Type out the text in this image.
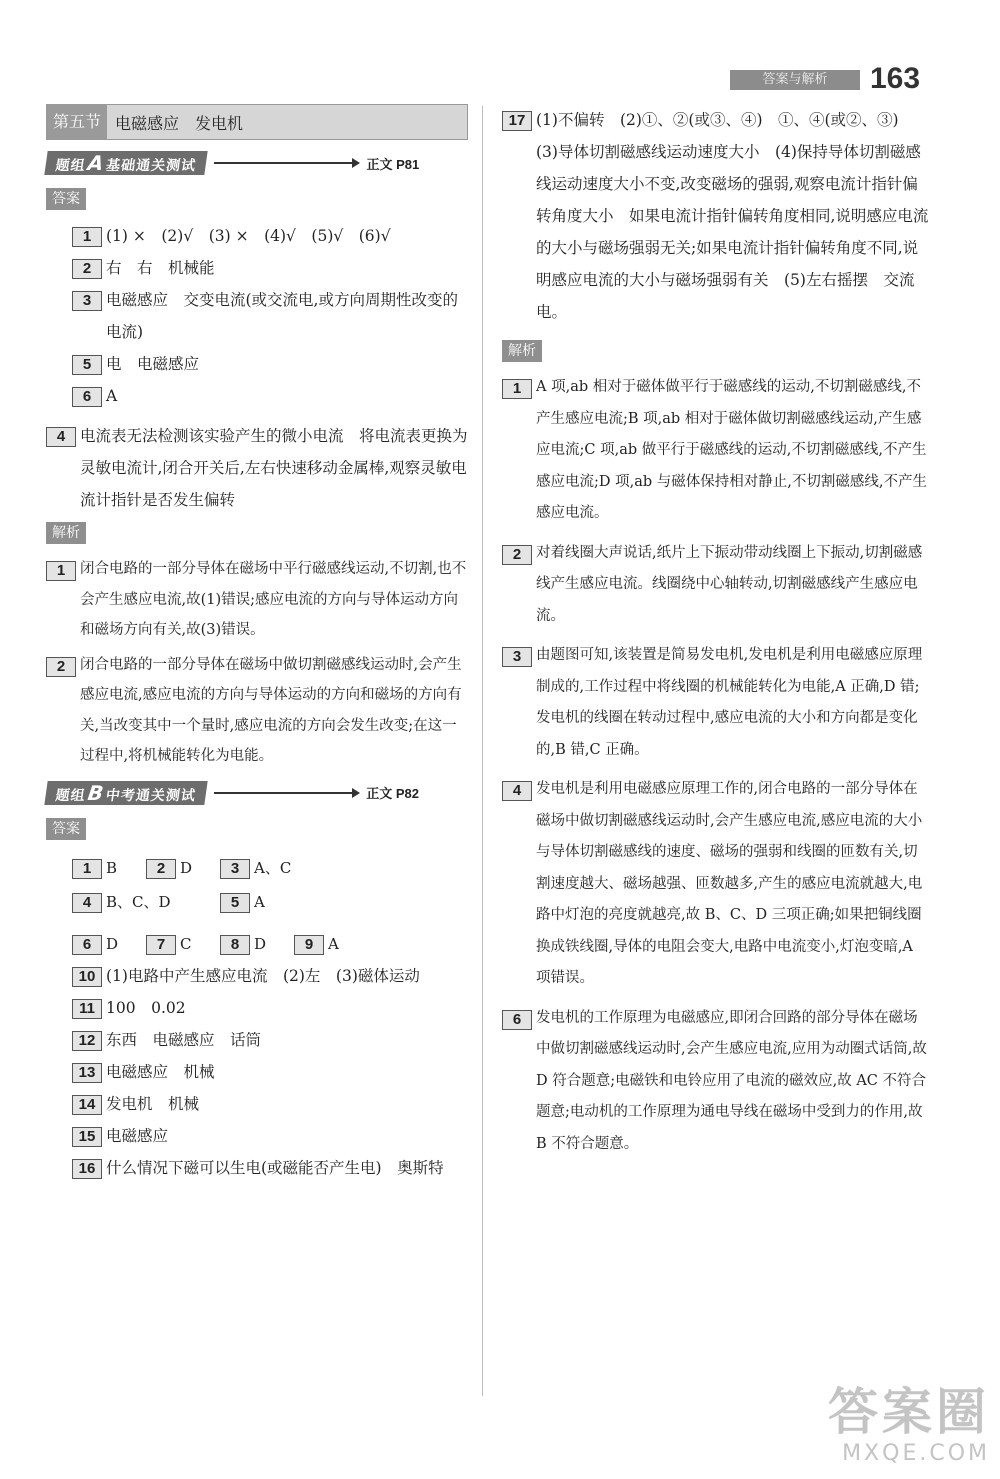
答案与解析	163
第五节 电磁感应　发电机
题组A基础通关测试	正文 P81
答案
1 (1) ×　(2)√　(3) ×　(4)√　(5)√　(6)√
2 右　右　机械能
3 电磁感应　交变电流(或交流电,或方向周期性改变的电流)
5 电　电磁感应
6 A
4 电流表无法检测该实验产生的微小电流　将电流表更换为灵敏电流计,闭合开关后,左右快速移动金属棒,观察灵敏电流计指针是否发生偏转
解析
1	闭合电路的一部分导体在磁场中平行磁感线运动,不切割,也不会产生感应电流,故(1)错误;感应电流的方向与导体运动方向和磁场方向有关,故(3)错误。
2	闭合电路的一部分导体在磁场中做切割磁感线运动时,会产生感应电流,感应电流的方向与导体运动的方向和磁场的方向有关,当改变其中一个量时,感应电流的方向会发生改变;在这一过程中,将机械能转化为电能。
题组B中考通关测试	正文 P82
答案
1 B	2 D	3 A、C
4 B、C、D	5 A
6 D	7 C	8 D	9 A
10 (1)电路中产生感应电流　(2)左　(3)磁体运动
11 100　0.02
12 东西　电磁感应　话筒
13 电磁感应　机械
14 发电机　机械
15 电磁感应
16 什么情况下磁可以生电(或磁能否产生电)　奥斯特
17 (1)不偏转　(2)①、②(或③、④)　①、④(或②、③)　(3)导体切割磁感线运动速度大小　(4)保持导体切割磁感线运动速度大小不变,改变磁场的强弱,观察电流计指针偏转角度大小　如果电流计指针偏转角度相同,说明感应电流的大小与磁场强弱无关;如果电流计指针偏转角度不同,说明感应电流的大小与磁场强弱有关　(5)左右摇摆　交流电。
解析
1	A 项,ab 相对于磁体做平行于磁感线的运动,不切割磁感线,不产生感应电流;B 项,ab 相对于磁体做切割磁感线运动,产生感应电流;C 项,ab 做平行于磁感线的运动,不切割磁感线,不产生感应电流;D 项,ab 与磁体保持相对静止,不切割磁感线,不产生感应电流。
2	对着线圈大声说话,纸片上下振动带动线圈上下振动,切割磁感线产生感应电流。线圈绕中心轴转动,切割磁感线产生感应电流。
3	由题图可知,该装置是简易发电机,发电机是利用电磁感应原理制成的,工作过程中将线圈的机械能转化为电能,A 正确,D 错;发电机的线圈在转动过程中,感应电流的大小和方向都是变化的,B 错,C 正确。
4	发电机是利用电磁感应原理工作的,闭合电路的一部分导体在磁场中做切割磁感线运动时,会产生感应电流,感应电流的大小与导体切割磁感线的速度、磁场的强弱和线圈的匝数有关,切割速度越大、磁场越强、匝数越多,产生的感应电流就越大,电路中灯泡的亮度就越亮,故 B、C、D 三项正确;如果把铜线圈换成铁线圈,导体的电阻会变大,电路中电流变小,灯泡变暗,A 项错误。
6	发电机的工作原理为电磁感应,即闭合回路的部分导体在磁场中做切割磁感线运动时,会产生感应电流,应用为动圈式话筒,故 D 符合题意;电磁铁和电铃应用了电流的磁效应,故 AC 不符合题意;电动机的工作原理为通电导线在磁场中受到力的作用,故 B 不符合题意。
答案圈
MXQE.COM
